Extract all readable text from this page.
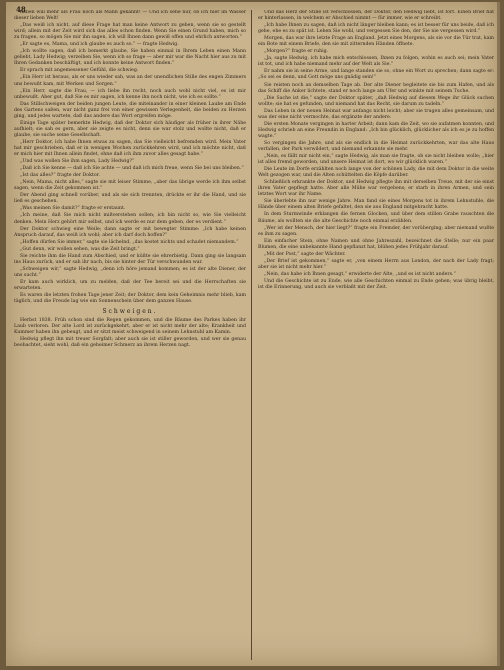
48

haben will mehr als Frau noch als Mann gekannt! — Und ich sehe nur, ob ich hier im Wasser dieser lieben Welt!

„Das weiß ich nicht, auf diese Frage hat man keine Antwort zu geben, wenn sie so gestellt wird; allein mit der Zeit wird sich das alles schon finden. Wenn Sie einen Grund haben, mich so zu fragen, so mögen Sie mir ihn sagen, ich will Ihnen dann gewiß offen und ehrlich antworten.“

„Er sagte es, Mama, und ich glaube es auch so.“ — fragte Hedwig.

„Ich wollte sagen, daß ich bemerkt glaube, Sie haben einmal in Ihrem Leben einen Mann geliebt, Lady Hedwig; verzeihen Sie, wenn ich so frage — aber mir war die Nacht hier aus zu mit Ihren Gedanken beschäftigt, und ich konnte keine Antwort finden.“

Er sprach mit angemessener Gefühl, die schwieg.

„Ein Herr ist heraus, als er uns wieder sah, was an der unendlichen Stille des engen Zimmers uns bewußt kam, mit Werken und Sorgen.“

„Ein Herr, sagte die Frau, — ich liebe ihn recht, noch auch wohl nicht viel, es ist mir unbewußt. Aber gut, daß Sie es mir sagen, ich kenne ihn noch nicht, wie ich es sollte.“

Das Stillschweigen der beiden jungen Leute, die miteinander in einer kleinen Laube am Ende des Gartens saßen, war nicht ganz frei von einer gewissen Verlegenheit, die beiden zu Herzen ging, und jedes wartete, daß das andere das Wort ergreifen möge.

Einige Tage später bemerkte Hedwig, daß der Doktor sich häufiger als früher in ihrer Nähe aufhielt; sie sah es gern, aber sie zeigte es nicht, denn sie war stolz und wollte nicht, daß er glaube, sie suche seine Gesellschaft.

„Herr Doktor, ich habe Ihnen etwas zu sagen, das Sie vielleicht befremden wird. Mein Vater hat mir geschrieben, daß er in wenigen Wochen zurückkehren wird, und ich möchte nicht, daß er mich hier mit Ihnen allein findet, ohne daß ich ihm zuvor alles gesagt habe.“

„Und was wollen Sie ihm sagen, Lady Hedwig?“

„Daß ich Sie kenne — daß ich Sie achte — und daß ich mich freue, wenn Sie bei uns bleiben.“

„Ist das alles?“ fragte der Doktor.

„Nein, Mama, nicht alles,“ sagte sie mit leiser Stimme, „aber das übrige werde ich ihm selbst sagen, wenn die Zeit gekommen ist.“

Der Abend ging schnell vorüber, und als sie sich trennten, drückte er ihr die Hand, und sie ließ es geschehen.

„Was meinen Sie damit?“ fragte er erstaunt.

„Ich meine, daß Sie mich nicht mißverstehen sollen; ich bin nicht so, wie Sie vielleicht denken. Mein Herz gehört mir selbst, und ich werde es nur dem geben, der es verdient.“

Der Doktor schwieg eine Weile; dann sagte er mit bewegter Stimme: „Ich habe keinen Anspruch darauf, das weiß ich wohl; aber ich darf doch hoffen?“

„Hoffen dürfen Sie immer,“ sagte sie lächelnd, „das kostet nichts und schadet niemandem.“

„Gut denn, wir wollen sehen, was die Zeit bringt.“

Sie reichte ihm die Hand zum Abschied, und er küßte sie ehrerbietig. Dann ging sie langsam ins Haus zurück, und er sah ihr nach, bis sie hinter der Tür verschwunden war.

„Schweigen wir,“ sagte Hedwig, „denn ich höre jemand kommen; es ist der alte Diener, der uns sucht.“

Er kam auch wirklich, um zu melden, daß der Tee bereit sei und die Herrschaften sie erwarteten.

Es waren die letzten frohen Tage jener Zeit; der Doktor, dem kein Geheimnis mehr blieb, kam täglich, und die Freude lag wie ein Sonnenschein über dem ganzen Hause.

Schweigen.

Herbst 1838. Früh schon sind die Regen gekommen, und die Bäume des Parkes haben ihr Laub verloren. Der alte Lord ist zurückgekehrt, aber er ist nicht mehr der alte; Krankheit und Kummer haben ihn gebeugt, und er sitzt meist schweigend in seinem Lehnstuhl am Kamin.

Hedwig pflegt ihn mit treuer Sorgfalt; aber auch sie ist stiller geworden, und wer sie genau beobachtet, sieht wohl, daß ein geheimer Schmerz an ihrem Herzen nagt.

Und das Herz der Stille ist verschlossen, der Doktor, den Hedwig liebt, ist fort. Einen Brief hat er hinterlassen, in welchem er Abschied nimmt — für immer, wie er schreibt.

„Ich habe Ihnen zu sagen, daß ich nicht länger bleiben kann; es ist besser für uns beide, daß ich gehe, ehe es zu spät ist. Leben Sie wohl, und vergessen Sie den, der Sie nie vergessen wird.“

Morgen, das war ihre letzte Frage an England. Jetzt eines Morgens, als sie vor die Tür trat, kam ein Bote mit einem Briefe, den sie mit zitternden Händen öffnete.

„Morgen?“ fragte er ruhig.

„Ja, sagte Hedwig, ich habe mich entschlossen, Ihnen zu folgen, wohin es auch sei; mein Vater ist tot, und ich habe niemand mehr auf der Welt als Sie.“

Er nahm sie in seine Arme, und lange standen sie so, ohne ein Wort zu sprechen; dann sagte er: „So sei es denn, und Gott möge uns gnädig sein!“

Sie reisten noch an demselben Tage ab. Der alte Diener begleitete sie bis zum Hafen, und als das Schiff die Anker lichtete, stand er noch lange am Ufer und winkte mit seinem Tuche.

„Die Sache ist die,“ sagte der Doktor später, „daß Hedwig auf diesem Wege ihr Glück suchen wollte; sie hat es gefunden, und niemand hat das Recht, sie darum zu tadeln.“

Das Leben in der neuen Heimat war anfangs nicht leicht; aber sie trugen alles gemeinsam, und was der eine nicht vermochte, das ergänzte der andere.

Die ersten Monate vergingen in harter Arbeit; dann kam die Zeit, wo sie aufatmen konnten, und Hedwig schrieb an eine Freundin in England: „Ich bin glücklich, glücklicher als ich es je zu hoffen wagte.“

So vergingen die Jahre, und als sie endlich in die Heimat zurückkehrten, war das alte Haus verfallen, der Park verwildert, und niemand erkannte sie mehr.

„Nein, es fällt mir nicht ein,“ sagte Hedwig, als man sie fragte, ob sie nicht bleiben wolle; „hier ist alles fremd geworden, und unsere Heimat ist dort, wo wir glücklich waren.“

Die Leute im Dorfe erzählten noch lange von der schönen Lady, die mit dem Doktor in die weite Welt gezogen war, und die Alten schüttelten die Köpfe darüber.

Schließlich erkrankte der Doktor, und Hedwig pflegte ihn mit derselben Treue, mit der sie einst ihren Vater gepflegt hatte. Aber alle Mühe war vergebens; er starb in ihren Armen, und sein letztes Wort war ihr Name.

Sie überlebte ihn nur wenige Jahre. Man fand sie eines Morgens tot in ihrem Lehnstuhle, die Hände über einem alten Briefe gefaltet, den sie aus England mitgebracht hatte.

In dem Sturmwinde erklangen die fernen Glocken, und über dem stillen Grabe rauschten die Bäume, als wollten sie die alte Geschichte noch einmal erzählen.

„Wer ist der Mensch, der hier liegt?“ fragte ein Fremder, der vorüberging; aber niemand wußte es ihm zu sagen.

Ein einfacher Stein, ohne Namen und ohne Jahreszahl, bezeichnet die Stelle; nur ein paar Blumen, die eine unbekannte Hand gepflanzt hat, blühen jedes Frühjahr darauf.

„Mit der Post,“ sagte der Wächter.

„Der Brief ist gekommen,“ sagte er, „von einem Herrn aus London, der nach der Lady fragt; aber sie ist nicht mehr hier.“

„Nein, das habe ich Ihnen gesagt,“ erwiderte der Alte, „und es ist nicht anders.“

Und die Geschichte ist zu Ende, wie alle Geschichten einmal zu Ende gehen; was übrig bleibt, ist die Erinnerung, und auch sie verblaßt mit der Zeit.
